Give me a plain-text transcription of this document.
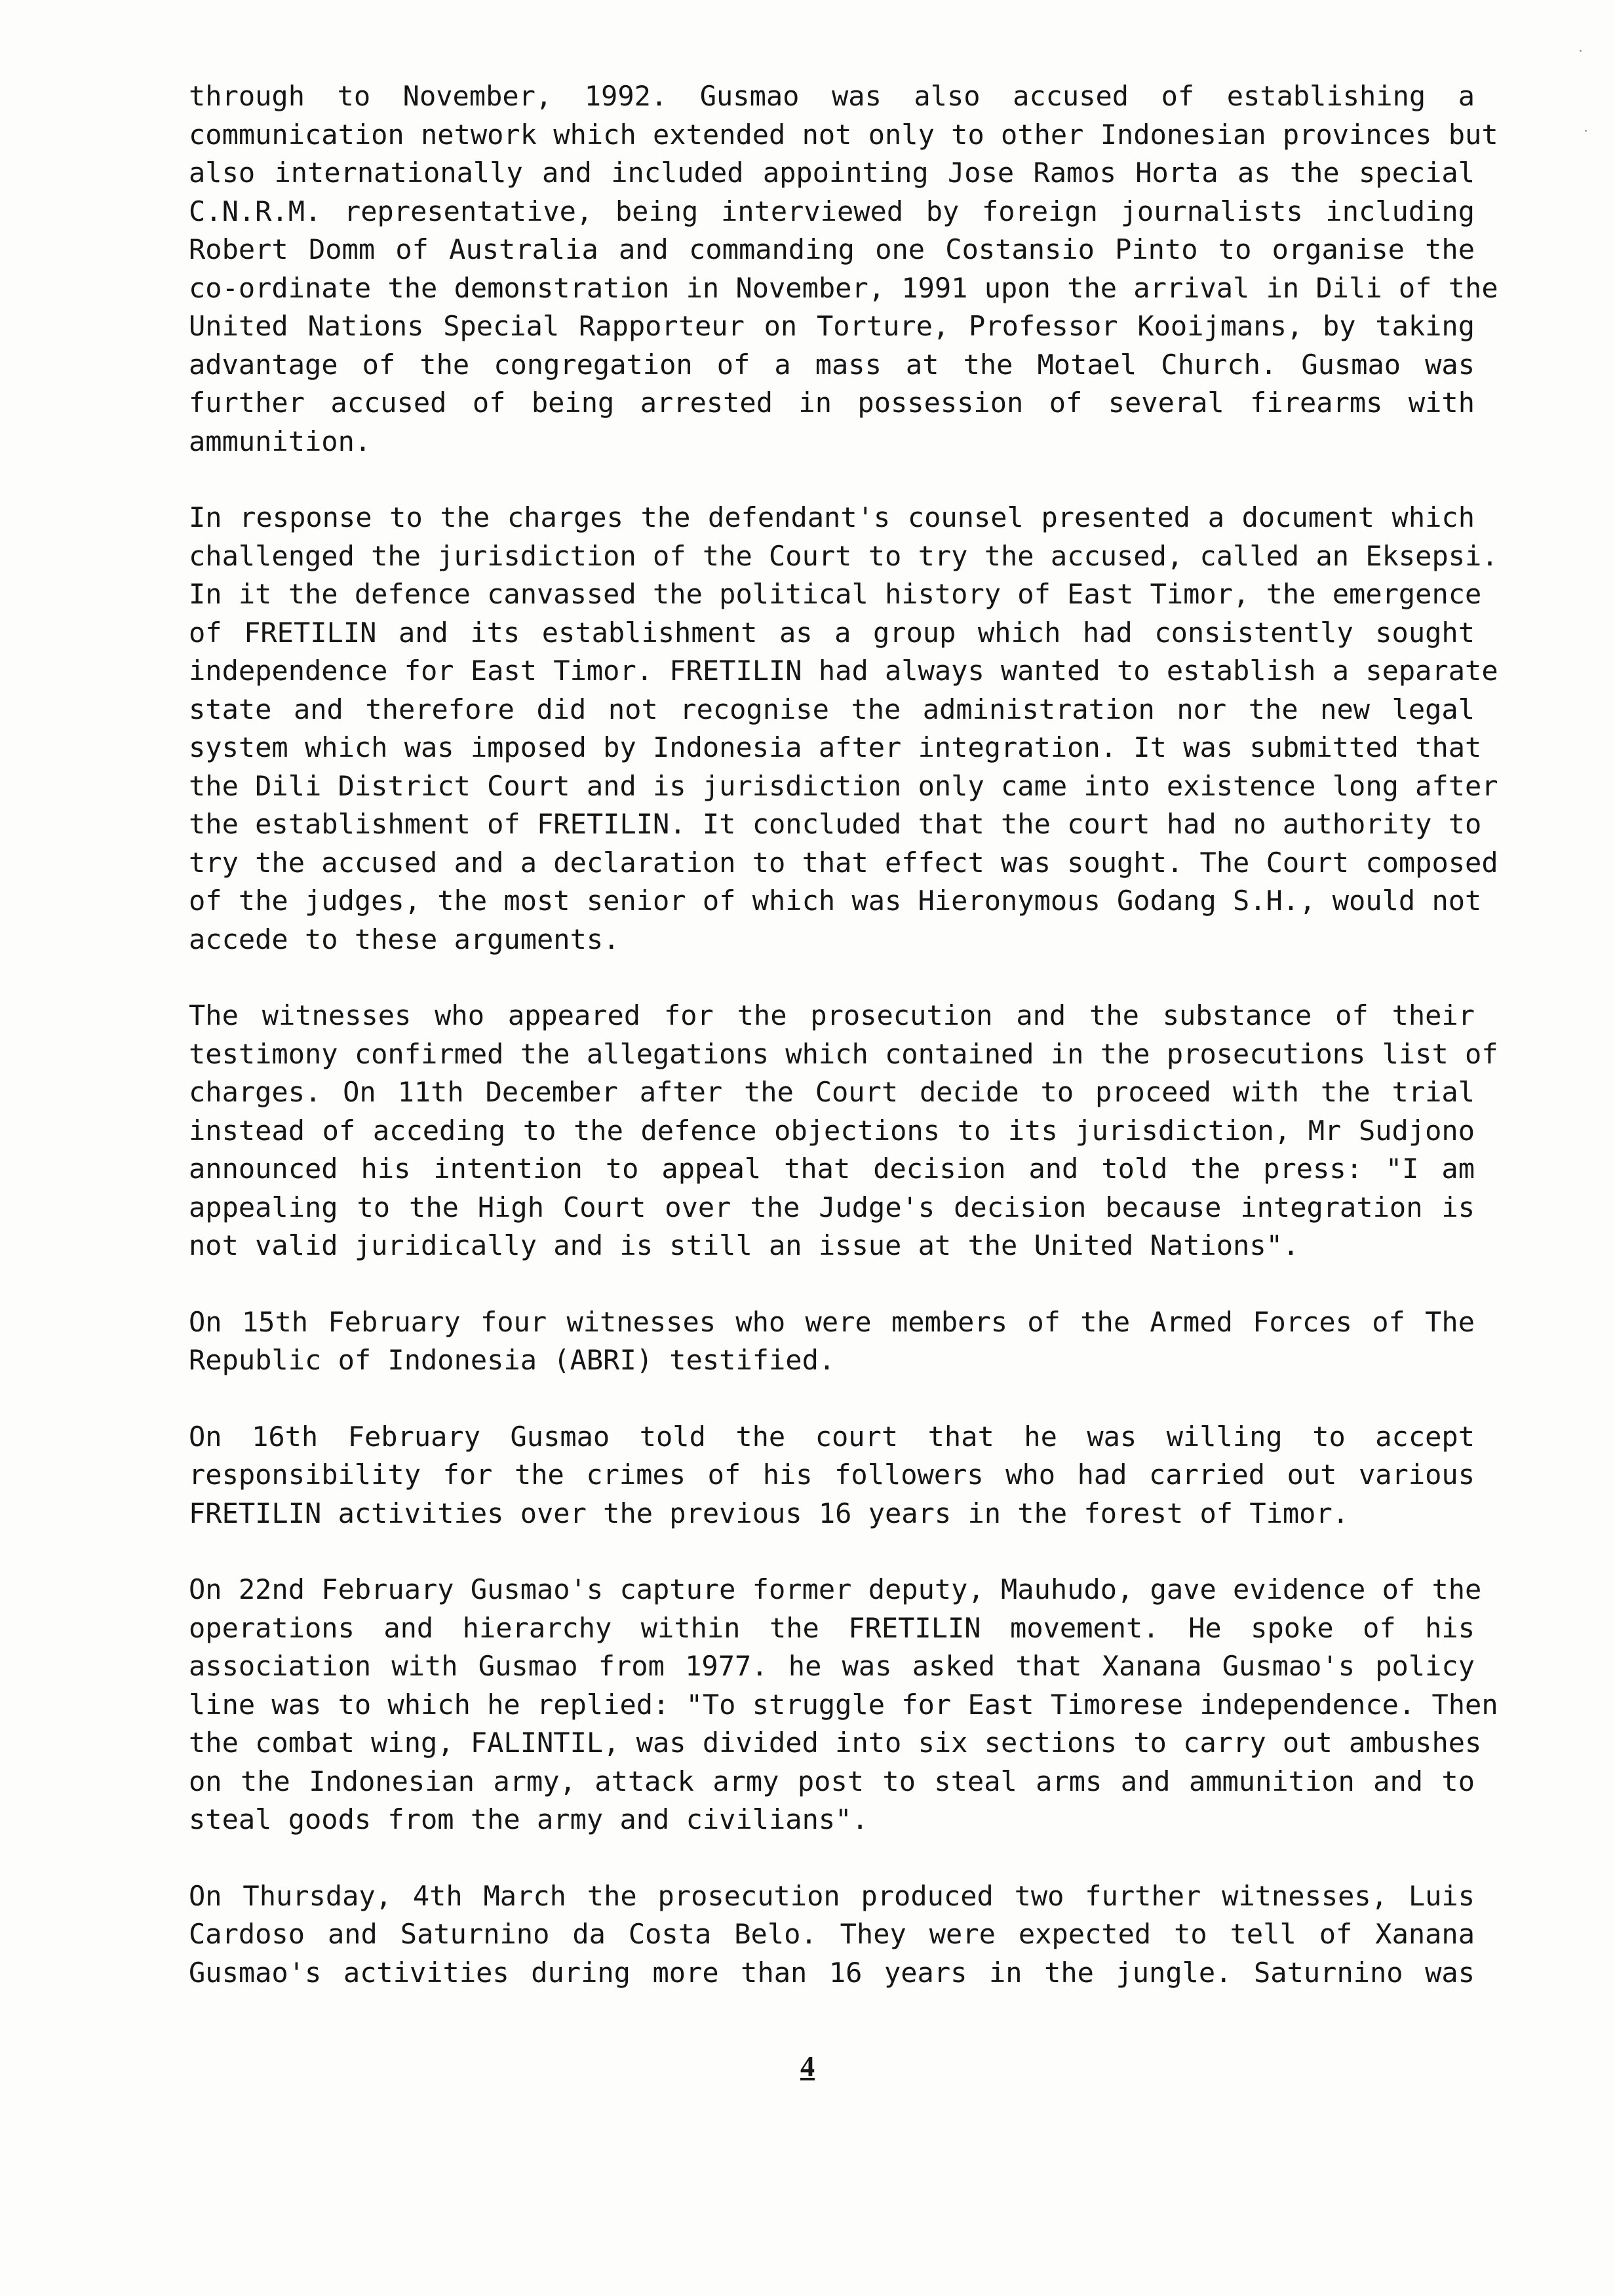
through to November, 1992. Gusmao was also accused of establishing a
communication network which extended not only to other Indonesian provinces but
also internationally and included appointing Jose Ramos Horta as the special
C.N.R.M. representative, being interviewed by foreign journalists including
Robert Domm of Australia and commanding one Costansio Pinto to organise the
co-ordinate the demonstration in November, 1991 upon the arrival in Dili of the
United Nations Special Rapporteur on Torture, Professor Kooijmans, by taking
advantage of the congregation of a mass at the Motael Church. Gusmao was
further accused of being arrested in possession of several firearms with
ammunition.

In response to the charges the defendant's counsel presented a document which
challenged the jurisdiction of the Court to try the accused, called an Eksepsi.
In it the defence canvassed the political history of East Timor, the emergence
of FRETILIN and its establishment as a group which had consistently sought
independence for East Timor. FRETILIN had always wanted to establish a separate
state and therefore did not recognise the administration nor the new legal
system which was imposed by Indonesia after integration. It was submitted that
the Dili District Court and is jurisdiction only came into existence long after
the establishment of FRETILIN. It concluded that the court had no authority to
try the accused and a declaration to that effect was sought. The Court composed
of the judges, the most senior of which was Hieronymous Godang S.H., would not
accede to these arguments.

The witnesses who appeared for the prosecution and the substance of their
testimony confirmed the allegations which contained in the prosecutions list of
charges. On 11th December after the Court decide to proceed with the trial
instead of acceding to the defence objections to its jurisdiction, Mr Sudjono
announced his intention to appeal that decision and told the press: "I am
appealing to the High Court over the Judge's decision because integration is
not valid juridically and is still an issue at the United Nations".

On 15th February four witnesses who were members of the Armed Forces of The
Republic of Indonesia (ABRI) testified.

On 16th February Gusmao told the court that he was willing to accept
responsibility for the crimes of his followers who had carried out various
FRETILIN activities over the previous 16 years in the forest of Timor.

On 22nd February Gusmao's capture former deputy, Mauhudo, gave evidence of the
operations and hierarchy within the FRETILIN movement. He spoke of his
association with Gusmao from 1977. he was asked that Xanana Gusmao's policy
line was to which he replied: "To struggle for East Timorese independence. Then
the combat wing, FALINTIL, was divided into six sections to carry out ambushes
on the Indonesian army, attack army post to steal arms and ammunition and to
steal goods from the army and civilians".

On Thursday, 4th March the prosecution produced two further witnesses, Luis
Cardoso and Saturnino da Costa Belo. They were expected to tell of Xanana
Gusmao's activities during more than 16 years in the jungle. Saturnino was

4
